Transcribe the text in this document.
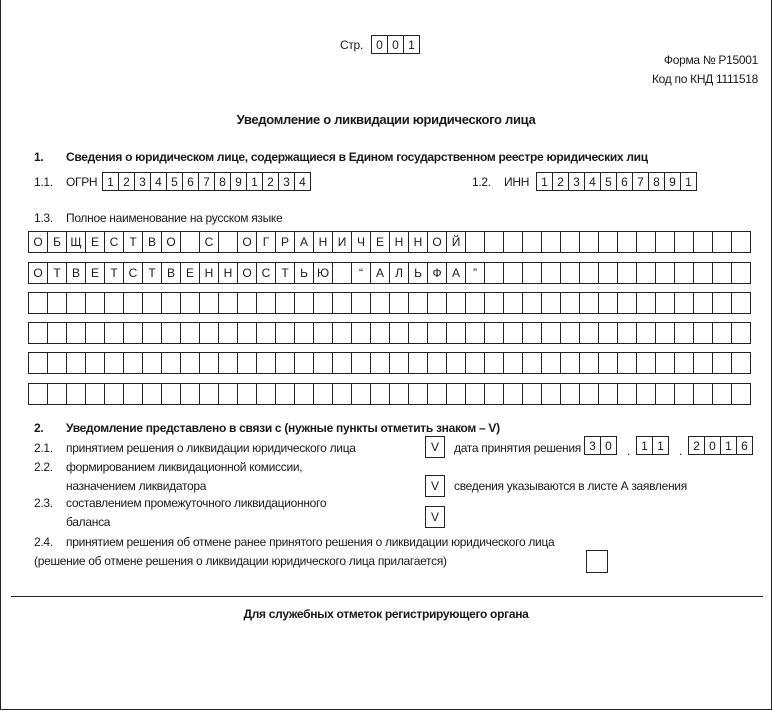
Стр.	0 0 1
Форма № Р15001
Код по КНД 1111518
Уведомление о ликвидации юридического лица
1. Сведения о юридическом лице, содержащиеся в Едином государственном реестре юридических лиц
1.1. ОГРН 1 2 3 4 5 6 7 8 9 1 2 3 4	1.2. ИНН	1 2 3 4 5 6 7 8 9 1
1.3. Полное наименование на русском языке
О Б Щ Е С Т В О	С	О Г Р А Н И Ч Е Н Н О Й
О Т В Е Т С Т В Е Н Н О С Т Ь Ю	“	А Л Ь Ф А	”
2. Уведомление представлено в связи с (нужные пункты отметить знаком – V)
2.1. принятием решения о ликвидации юридического лица	V	дата принятия решения 3 0	. 1 1	. 2 0 1 6
2.2. формированием ликвидационной комиссии,
назначением ликвидатора	V	сведения указываются в листе А заявления
2.3. составлением промежуточного ликвидационного
баланса	V
2.4. принятием решения об отмене ранее принятого решения о ликвидации юридического лица
(решение об отмене решения о ликвидации юридического лица прилагается)
Для служебных отметок регистрирующего органа
